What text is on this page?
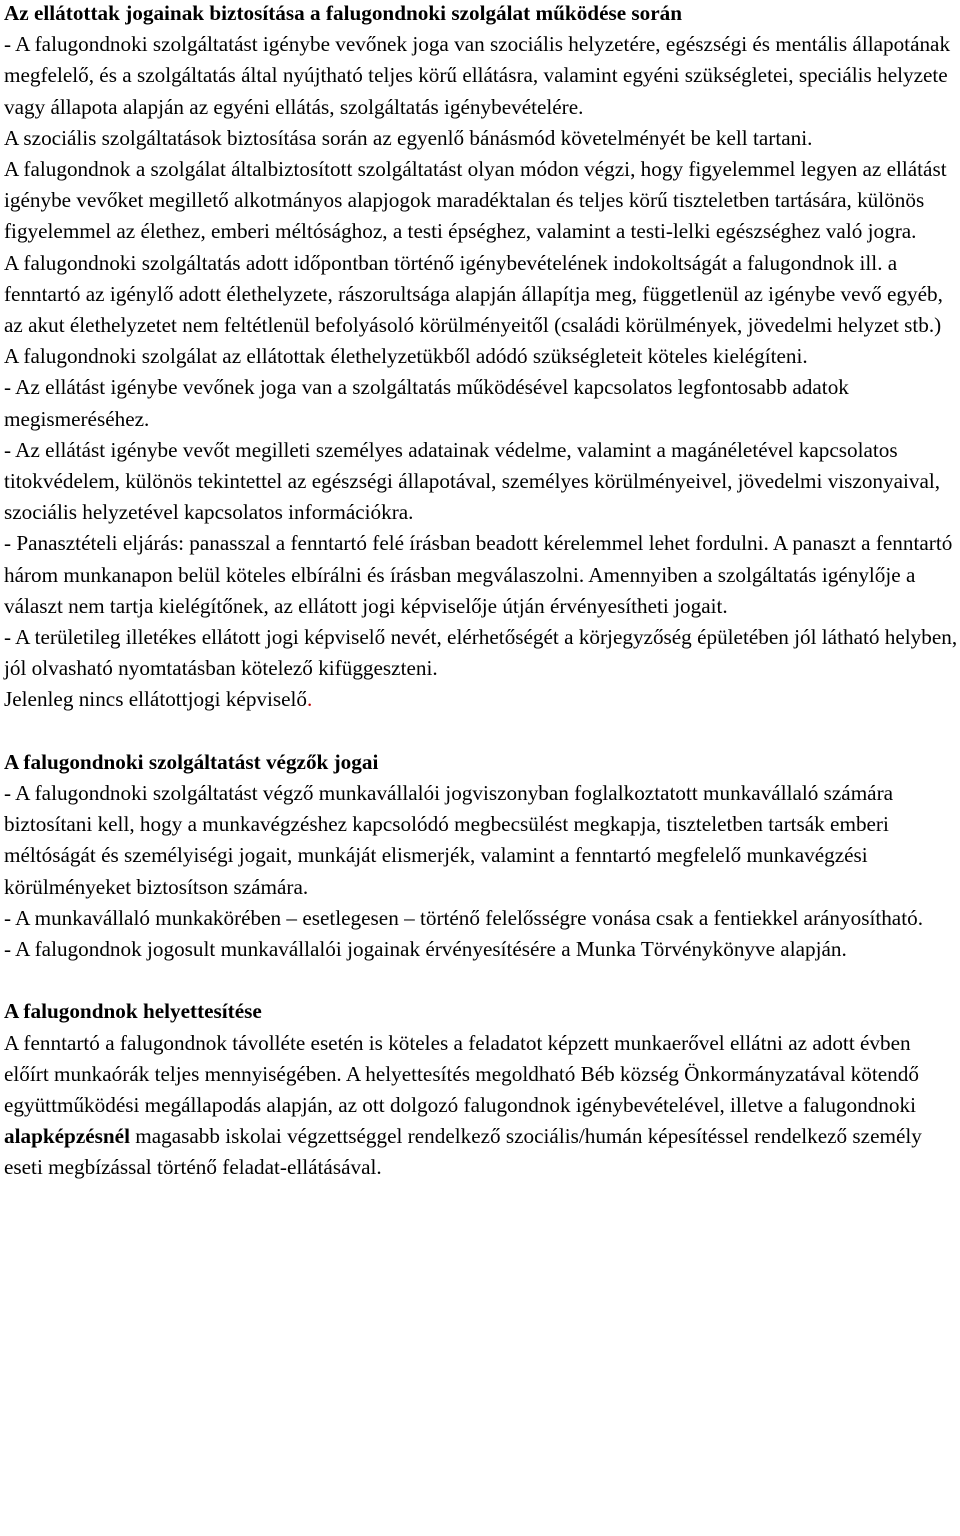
Az ellátottak jogainak biztosítása a falugondnoki szolgálat működése során

- A falugondnoki szolgáltatást igénybe vevőnek joga van szociális helyzetére, egészségi és mentális állapotának megfelelő, és a szolgáltatás által nyújtható teljes körű ellátásra, valamint egyéni szükségletei, speciális helyzete vagy állapota alapján az egyéni ellátás, szolgáltatás igénybevételére.

A szociális szolgáltatások biztosítása során az egyenlő bánásmód követelményét be kell tartani.

A falugondnok a szolgálat általbiztosított szolgáltatást olyan módon végzi, hogy figyelemmel legyen az ellátást igénybe vevőket megillető alkotmányos alapjogok maradéktalan és teljes körű tiszteletben tartására, különös figyelemmel az élethez, emberi méltósághoz, a testi épséghez, valamint a testi-lelki egészséghez való jogra.

A falugondnoki szolgáltatás adott időpontban történő igénybevételének indokoltságát a falugondnok ill. a fenntartó az igénylő adott élethelyzete, rászorultsága alapján állapítja meg, függetlenül az igénybe vevő egyéb, az akut élethelyzetet nem feltétlenül befolyásoló körülményeitől (családi körülmények, jövedelmi helyzet stb.) A falugondnoki szolgálat az ellátottak élethelyzetükből adódó szükségleteit köteles kielégíteni.

- Az ellátást igénybe vevőnek joga van a szolgáltatás működésével kapcsolatos legfontosabb adatok megismeréséhez.

- Az ellátást igénybe vevőt megilleti személyes adatainak védelme, valamint a magánéletével kapcsolatos titokvédelem, különös tekintettel az egészségi állapotával, személyes körülményeivel, jövedelmi viszonyaival, szociális helyzetével kapcsolatos információkra.

- Panasztételi eljárás: panasszal a fenntartó felé írásban beadott kérelemmel lehet fordulni. A panaszt a fenntartó három munkanapon belül köteles elbírálni és írásban megválaszolni. Amennyiben a szolgáltatás igénylője a választ nem tartja kielégítőnek, az ellátott jogi képviselője útján érvényesítheti jogait.

- A területileg illetékes ellátott jogi képviselő nevét, elérhetőségét a körjegyzőség épületében jól látható helyben, jól olvasható nyomtatásban kötelező kifüggeszteni.

Jelenleg nincs ellátottjogi képviselő.

A falugondnoki szolgáltatást végzők jogai

- A falugondnoki szolgáltatást végző munkavállalói jogviszonyban foglalkoztatott munkavállaló számára biztosítani kell, hogy a munkavégzéshez kapcsolódó megbecsülést megkapja, tiszteletben tartsák emberi méltóságát és személyiségi jogait, munkáját elismerjék, valamint a fenntartó megfelelő munkavégzési körülményeket biztosítson számára.

- A munkavállaló munkakörében – esetlegesen – történő felelősségre vonása csak a fentiekkel arányosítható.

- A falugondnok jogosult munkavállalói jogainak érvényesítésére a Munka Törvénykönyve alapján.

A falugondnok helyettesítése

A fenntartó a falugondnok távolléte esetén is köteles a feladatot képzett munkaerővel ellátni az adott évben előírt munkaórák teljes mennyiségében. A helyettesítés megoldható Béb község Önkormányzatával kötendő együttműködési megállapodás alapján, az ott dolgozó falugondnok igénybevételével, illetve a falugondnoki alapképzésnél magasabb iskolai végzettséggel rendelkező szociális/humán képesítéssel rendelkező személy eseti megbízással történő feladat-ellátásával.
